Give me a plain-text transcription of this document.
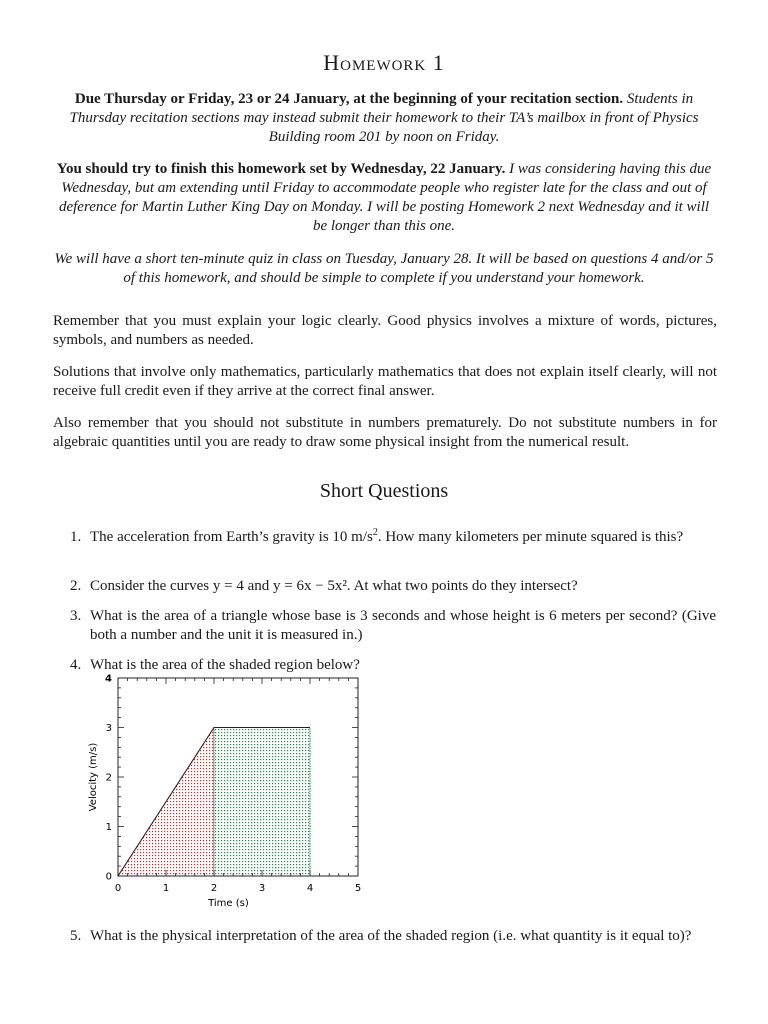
Homework 1
Due Thursday or Friday, 23 or 24 January, at the beginning of your recitation section. Students in Thursday recitation sections may instead submit their homework to their TA’s mailbox in front of Physics Building room 201 by noon on Friday.
You should try to finish this homework set by Wednesday, 22 January. I was considering having this due Wednesday, but am extending until Friday to accommodate people who register late for the class and out of deference for Martin Luther King Day on Monday. I will be posting Homework 2 next Wednesday and it will be longer than this one.
We will have a short ten-minute quiz in class on Tuesday, January 28. It will be based on questions 4 and/or 5 of this homework, and should be simple to complete if you understand your homework.
Remember that you must explain your logic clearly. Good physics involves a mixture of words, pictures, symbols, and numbers as needed.
Solutions that involve only mathematics, particularly mathematics that does not explain itself clearly, will not receive full credit even if they arrive at the correct final answer.
Also remember that you should not substitute in numbers prematurely. Do not substitute numbers in for algebraic quantities until you are ready to draw some physical insight from the numerical result.
Short Questions
1. The acceleration from Earth’s gravity is 10 $m/s^2$. How many kilometers per minute squared is this?
2. Consider the curves y = 4 and y = 6x − 5x². At what two points do they intersect?
3. What is the area of a triangle whose base is 3 seconds and whose height is 6 meters per second? (Give both a number and the unit it is measured in.)
4. What is the area of the shaded region below?
0	1	2	3	4	5
0
1
2
3
4
Time (s)
Velocity (m/s)
5. What is the physical interpretation of the area of the shaded region (i.e. what quantity is it equal to)?
